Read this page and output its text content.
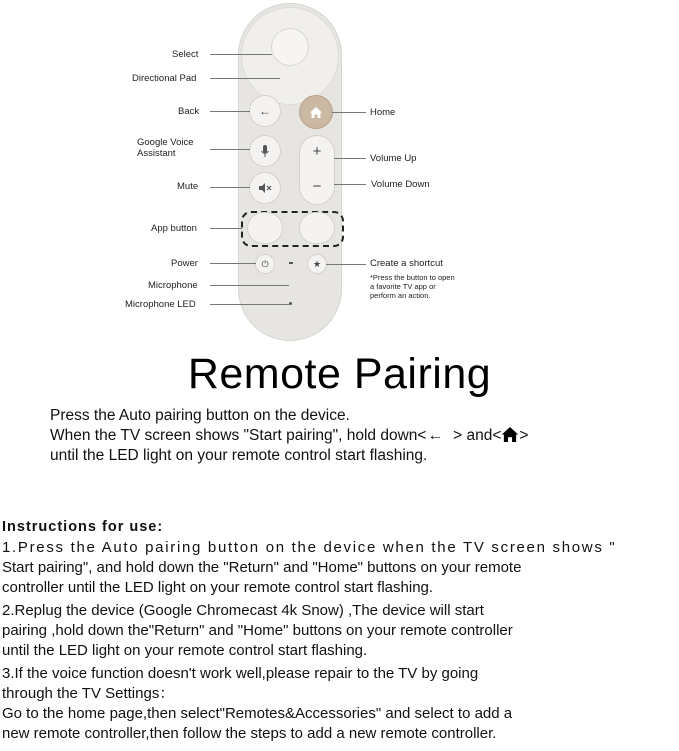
←
+
−
⏻	★
Select
Directional Pad
Back
Google Voice
Assistant
Mute
App button
Power
Microphone
Microphone LED
Home
Volume Up
Volume Down
Create a shortcut
*Press the button to open
a favorite TV app or
perform an action.
Remote Pairing
Press the Auto pairing button on the device.
When the TV screen shows "Start pairing", hold down<← > and< >
until the LED light on your remote control start flashing.
Instructions for use:

1.Press the Auto pairing button on the device when the TV screen shows "
Start pairing", and hold down the "Return" and "Home" buttons on your remote
controller until the LED light on your remote control start flashing.

2.Replug the device (Google Chromecast 4k Snow) ,The device will start
pairing ,hold down the"Return" and "Home" buttons on your remote controller
until the LED light on your remote control start flashing.

3.If the voice function doesn't work well,please repair to the TV by going
through the TV Settings：
Go to the home page,then select"Remotes&Accessories" and select to add a
new remote controller,then follow the steps to add a new remote controller.
